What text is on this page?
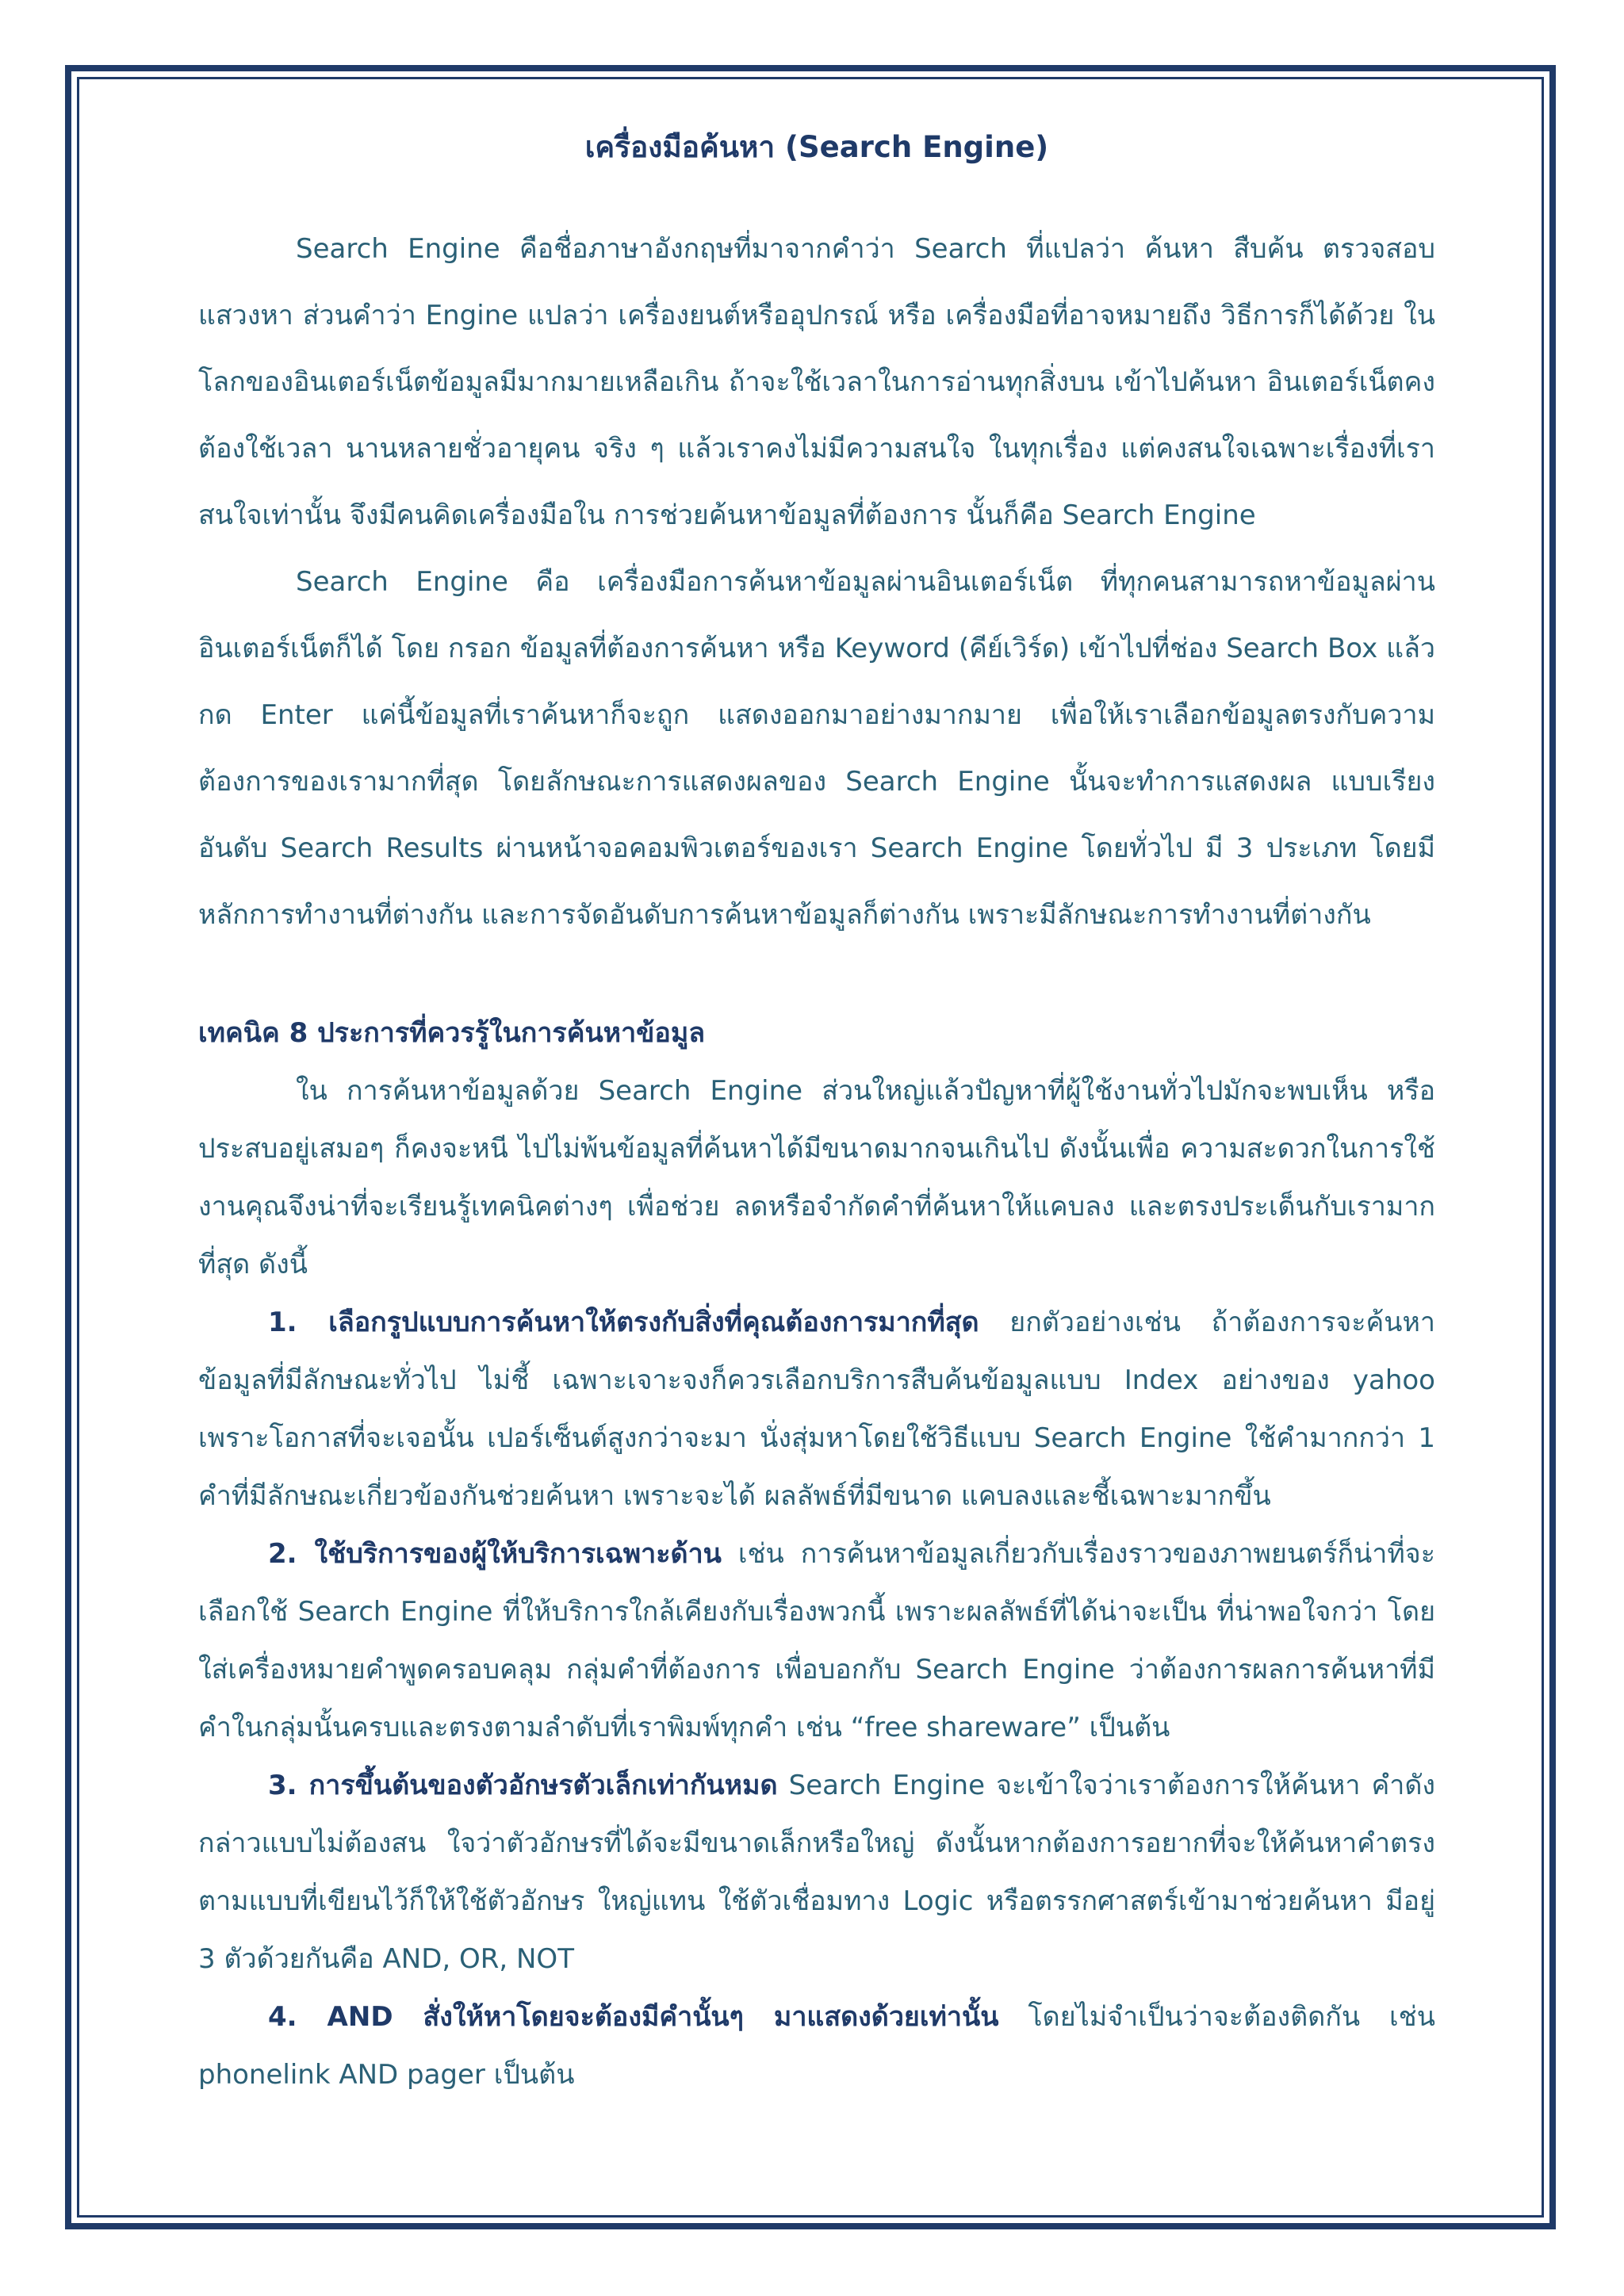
เครื่องมือค้นหา (Search Engine)

Search Engine คือชื่อภาษาอังกฤษที่มาจากคำว่า Search ที่แปลว่า ค้นหา สืบค้น ตรวจสอบ แสวงหา ส่วนคำว่า Engine แปลว่า เครื่องยนต์หรืออุปกรณ์ หรือ เครื่องมือที่อาจหมายถึง วิธีการก็ได้ด้วย ในโลกของอินเตอร์เน็ตข้อมูลมีมากมายเหลือเกิน ถ้าจะใช้เวลาในการอ่านทุกสิ่งบน เข้าไปค้นหา อินเตอร์เน็ตคงต้องใช้เวลา นานหลายชั่วอายุคน จริง ๆ แล้วเราคงไม่มีความสนใจ ในทุกเรื่อง แต่คงสนใจเฉพาะเรื่องที่เราสนใจเท่านั้น จึงมีคนคิดเครื่องมือใน การช่วยค้นหาข้อมูลที่ต้องการ นั้นก็คือ Search Engine

Search Engine คือ เครื่องมือการค้นหาข้อมูลผ่านอินเตอร์เน็ต ที่ทุกคนสามารถหาข้อมูลผ่านอินเตอร์เน็ตก็ได้ โดย กรอก ข้อมูลที่ต้องการค้นหา หรือ Keyword (คีย์เวิร์ด) เข้าไปที่ช่อง Search Box แล้ว กด Enter แค่นี้ข้อมูลที่เราค้นหาก็จะถูก แสดงออกมาอย่างมากมาย เพื่อให้เราเลือกข้อมูลตรงกับความต้องการของเรามากที่สุด โดยลักษณะการแสดงผลของ Search Engine นั้นจะทำการแสดงผล แบบเรียงอันดับ Search Results ผ่านหน้าจอคอมพิวเตอร์ของเรา Search Engine โดยทั่วไป มี 3 ประเภท โดยมีหลักการทำงานที่ต่างกัน และการจัดอันดับการค้นหาข้อมูลก็ต่างกัน เพราะมีลักษณะการทำงานที่ต่างกัน

เทคนิค 8 ประการที่ควรรู้ในการค้นหาข้อมูล

ใน การค้นหาข้อมูลด้วย Search Engine ส่วนใหญ่แล้วปัญหาที่ผู้ใช้งานทั่วไปมักจะพบเห็น หรือประสบอยู่เสมอๆ ก็คงจะหนี ไปไม่พ้นข้อมูลที่ค้นหาได้มีขนาดมากจนเกินไป ดังนั้นเพื่อ ความสะดวกในการใช้งานคุณจึงน่าที่จะเรียนรู้เทคนิคต่างๆ เพื่อช่วย ลดหรือจำกัดคำที่ค้นหาให้แคบลง และตรงประเด็นกับเรามากที่สุด ดังนี้

1. เลือกรูปแบบการค้นหาให้ตรงกับสิ่งที่คุณต้องการมากที่สุด ยกตัวอย่างเช่น ถ้าต้องการจะค้นหาข้อมูลที่มีลักษณะทั่วไป ไม่ชี้ เฉพาะเจาะจงก็ควรเลือกบริการสืบค้นข้อมูลแบบ Index อย่างของ yahoo เพราะโอกาสที่จะเจอนั้น เปอร์เซ็นต์สูงกว่าจะมา นั่งสุ่มหาโดยใช้วิธีแบบ Search Engine ใช้คำมากกว่า 1 คำที่มีลักษณะเกี่ยวข้องกันช่วยค้นหา เพราะจะได้ ผลลัพธ์ที่มีขนาด แคบลงและชี้เฉพาะมากขึ้น

2. ใช้บริการของผู้ให้บริการเฉพาะด้าน เช่น การค้นหาข้อมูลเกี่ยวกับเรื่องราวของภาพยนตร์ก็น่าที่จะเลือกใช้ Search Engine ที่ให้บริการใกล้เคียงกับเรื่องพวกนี้ เพราะผลลัพธ์ที่ได้น่าจะเป็น ที่น่าพอใจกว่า โดยใส่เครื่องหมายคำพูดครอบคลุม กลุ่มคำที่ต้องการ เพื่อบอกกับ Search Engine ว่าต้องการผลการค้นหาที่มีคำในกลุ่มนั้นครบและตรงตามลำดับที่เราพิมพ์ทุกคำ เช่น “free shareware” เป็นต้น

3. การขึ้นต้นของตัวอักษรตัวเล็กเท่ากันหมด Search Engine จะเข้าใจว่าเราต้องการให้ค้นหา คำดังกล่าวแบบไม่ต้องสน ใจว่าตัวอักษรที่ได้จะมีขนาดเล็กหรือใหญ่ ดังนั้นหากต้องการอยากที่จะให้ค้นหาคำตรงตามแบบที่เขียนไว้ก็ให้ใช้ตัวอักษร ใหญ่แทน ใช้ตัวเชื่อมทาง Logic หรือตรรกศาสตร์เข้ามาช่วยค้นหา มีอยู่ 3 ตัวด้วยกันคือ AND, OR, NOT

4. AND สั่งให้หาโดยจะต้องมีคำนั้นๆ มาแสดงด้วยเท่านั้น โดยไม่จำเป็นว่าจะต้องติดกัน เช่น phonelink AND pager เป็นต้น
